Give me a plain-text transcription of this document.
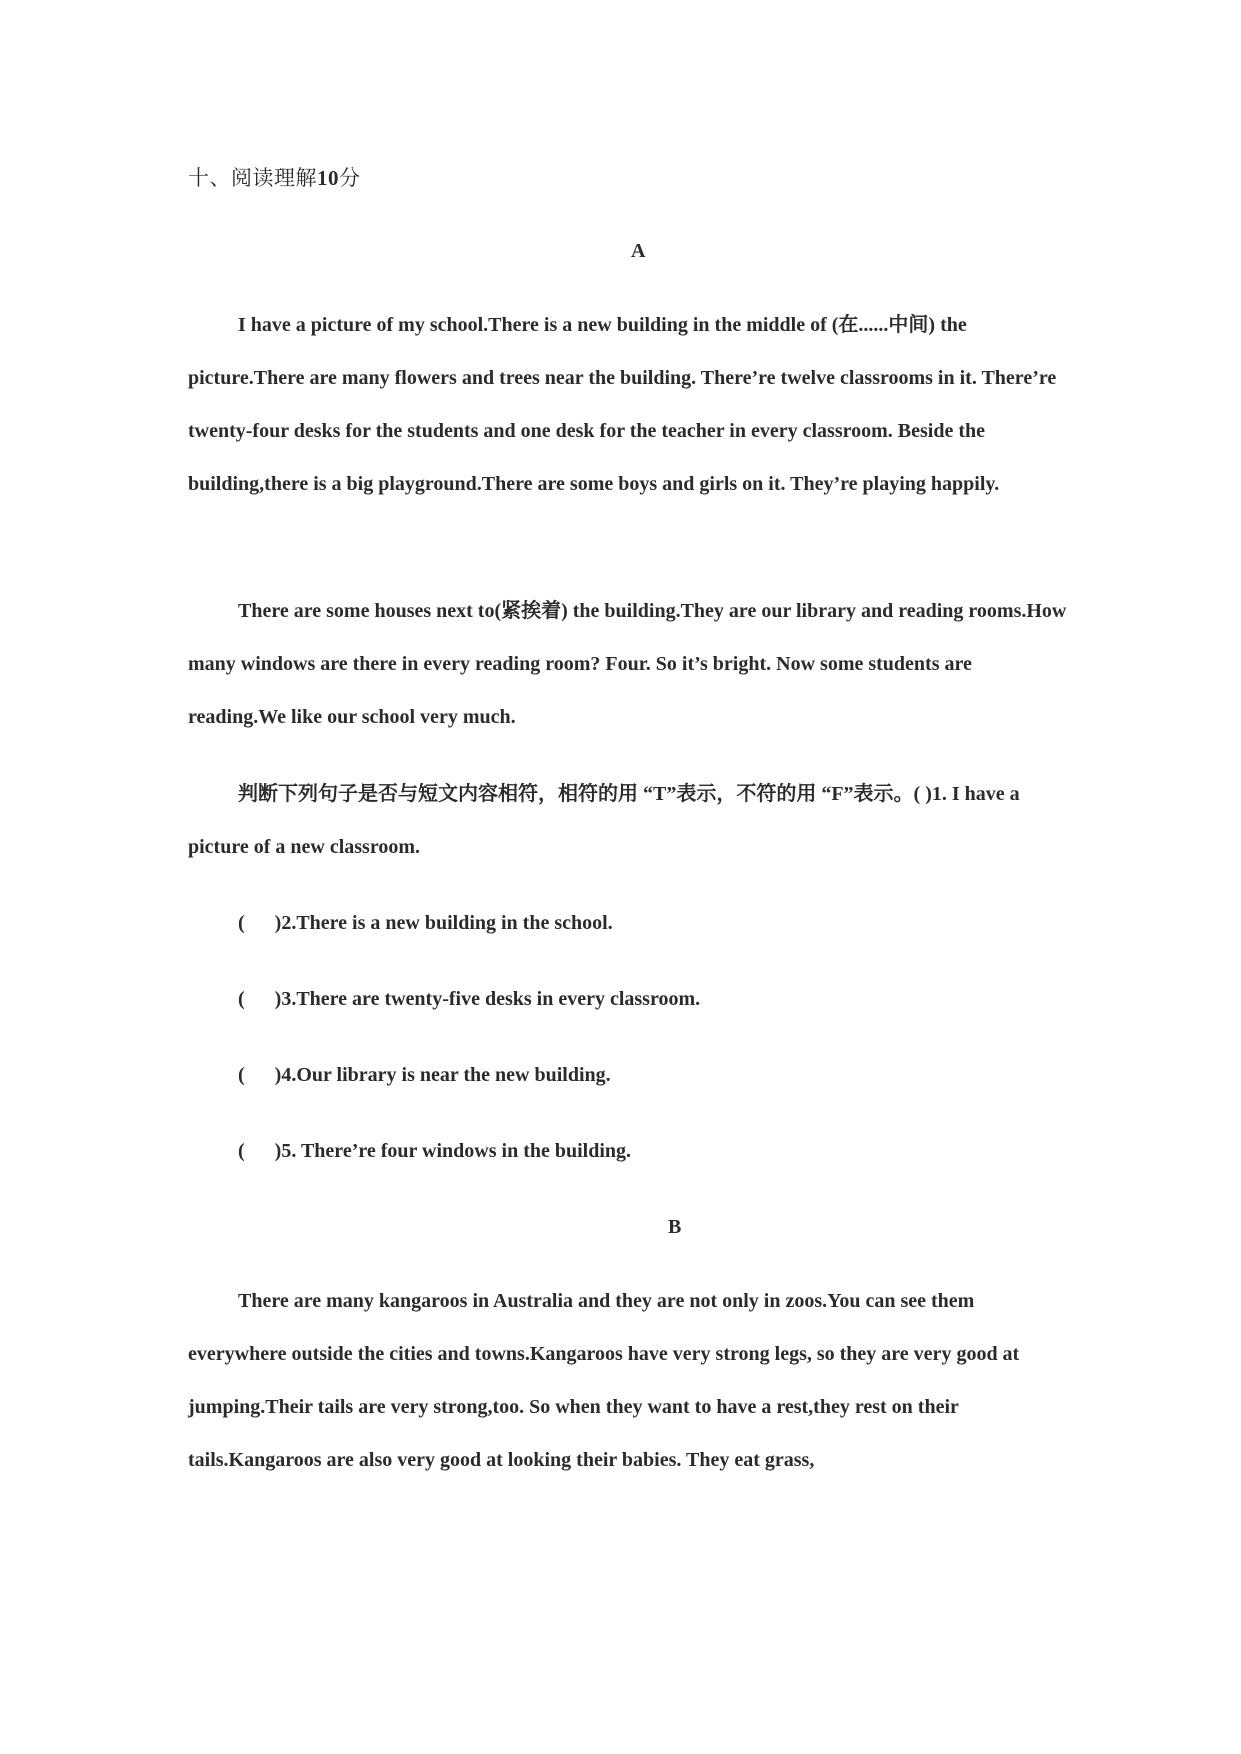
十、阅读理解10分
A

I have a picture of my school.There is a new building in the middle of (在......中间) the picture.There are many flowers and trees near the building. There’re twelve classrooms in it. There’re twenty-four desks for the students and one desk for the teacher in every classroom. Beside the building,there is a big playground.There are some boys and girls on it. They’re playing happily.

There are some houses next to(紧挨着) the building.They are our library and reading rooms.How many windows are there in every reading room? Four. So it’s bright. Now some students are reading.We like our school very much.

判断下列句子是否与短文内容相符，相符的用 “T”表示，不符的用 “F”表示。( )1. I have a picture of a new classroom.

(      )2.There is a new building in the school.
(      )3.There are twenty-five desks in every classroom.
(      )4.Our library is near the new building.
(      )5. There’re four windows in the building.
B

There are many kangaroos in Australia and they are not only in zoos.You can see them everywhere outside the cities and towns.Kangaroos have very strong legs, so they are very good at jumping.Their tails are very strong,too. So when they want to have a rest,they rest on their tails.Kangaroos are also very good at looking their babies. They eat grass,
